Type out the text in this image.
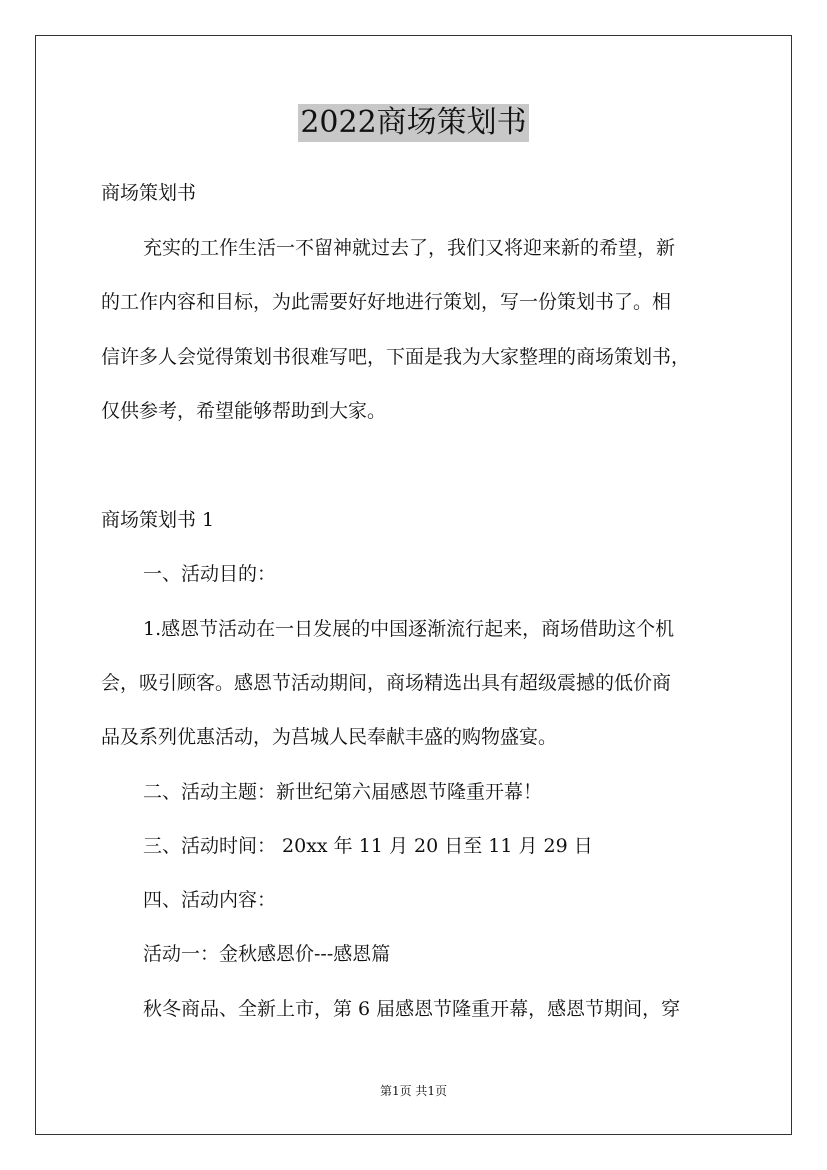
2022商场策划书
商场策划书
充实的工作生活一不留神就过去了，我们又将迎来新的希望，新
的工作内容和目标，为此需要好好地进行策划，写一份策划书了。相
信许多人会觉得策划书很难写吧，下面是我为大家整理的商场策划书，
仅供参考，希望能够帮助到大家。
商场策划书 1
一、活动目的：
1.感恩节活动在一日发展的中国逐渐流行起来，商场借助这个机
会，吸引顾客。感恩节活动期间，商场精选出具有超级震撼的低价商
品及系列优惠活动，为莒城人民奉献丰盛的购物盛宴。
二、活动主题：新世纪第六届感恩节隆重开幕！
三、活动时间： 20xx 年 11 月 20 日至 11 月 29 日
四、活动内容：
活动一：金秋感恩价---感恩篇
秋冬商品、全新上市，第 6 届感恩节隆重开幕，感恩节期间，穿
第1页 共1页
